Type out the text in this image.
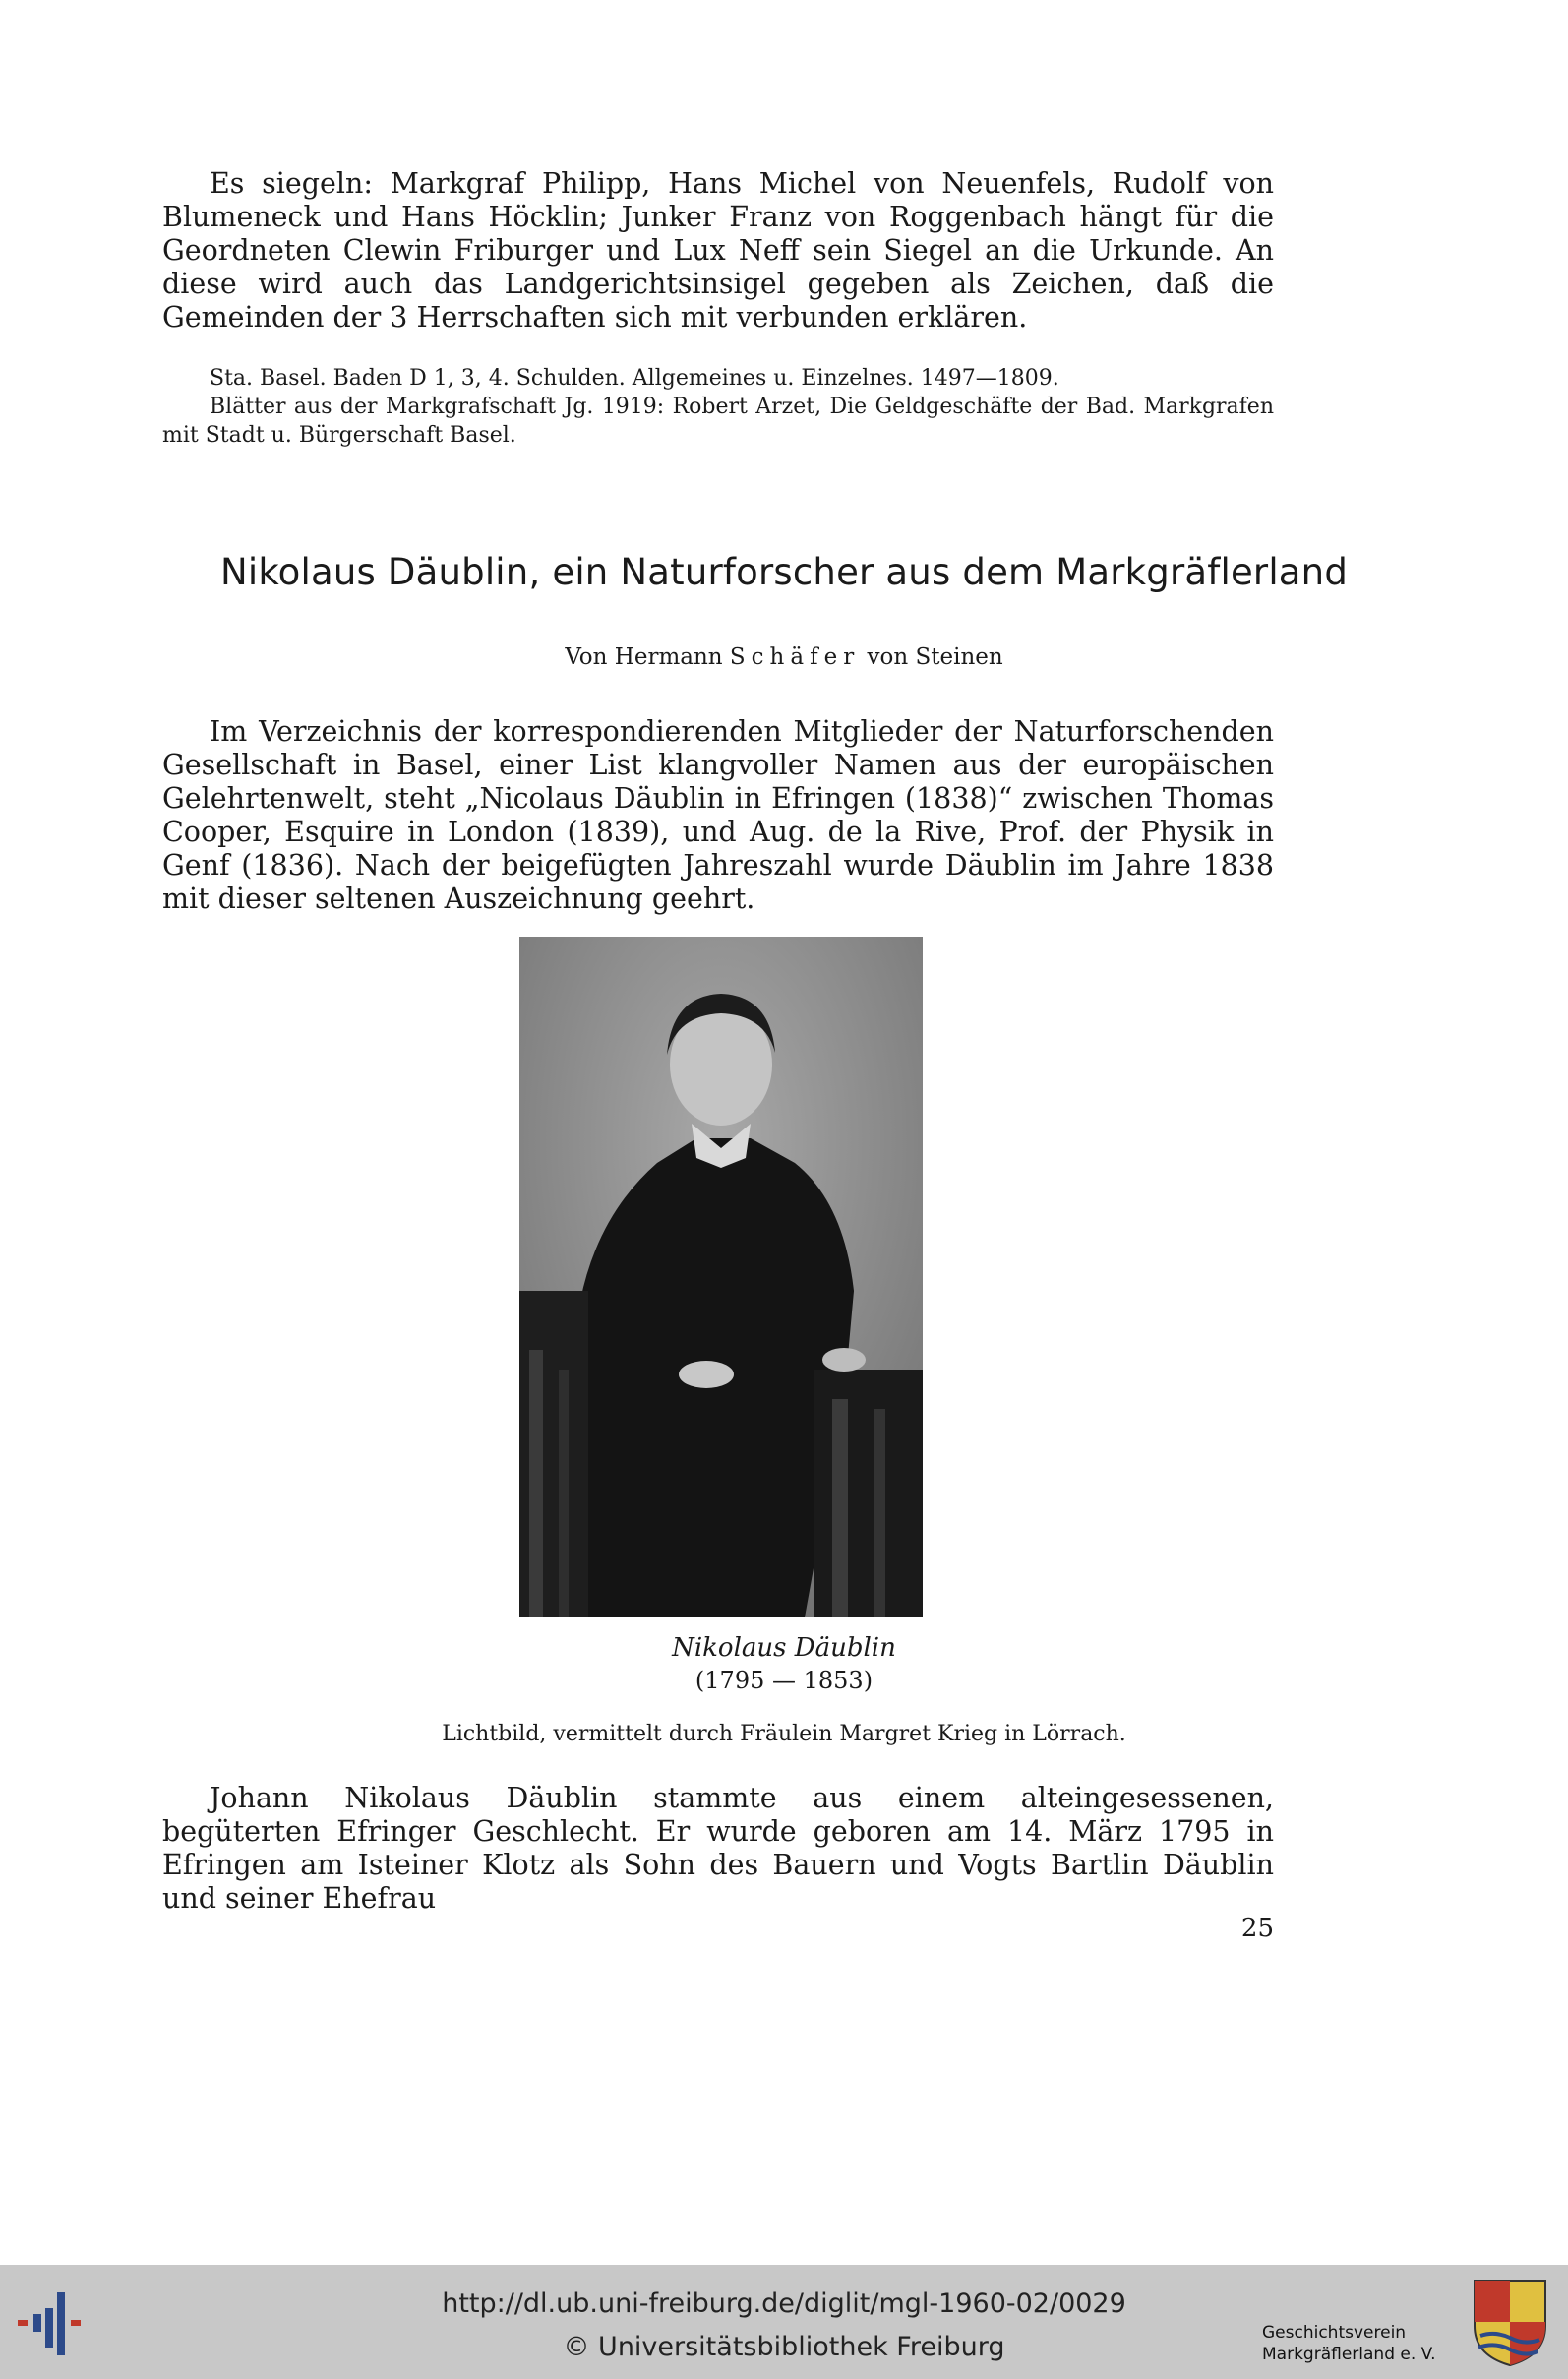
Es siegeln: Markgraf Philipp, Hans Michel von Neuenfels, Rudolf von Blumeneck und Hans Höcklin; Junker Franz von Roggenbach hängt für die Geordneten Clewin Friburger und Lux Neff sein Siegel an die Urkunde. An diese wird auch das Landgerichtsinsigel gegeben als Zeichen, daß die Gemeinden der 3 Herrschaften sich mit verbunden erklären.

Sta. Basel. Baden D 1, 3, 4. Schulden. Allgemeines u. Einzelnes. 1497—1809.
Blätter aus der Markgrafschaft Jg. 1919: Robert Arzet, Die Geldgeschäfte der Bad. Markgrafen mit Stadt u. Bürgerschaft Basel.
Nikolaus Däublin, ein Naturforscher aus dem Markgräflerland

Von Hermann Schäfer von Steinen

Im Verzeichnis der korrespondierenden Mitglieder der Naturforschenden Gesellschaft in Basel, einer List klangvoller Namen aus der europäischen Gelehrtenwelt, steht „Nicolaus Däublin in Efringen (1838)“ zwischen Thomas Cooper, Esquire in London (1839), und Aug. de la Rive, Prof. der Physik in Genf (1836). Nach der beigefügten Jahreszahl wurde Däublin im Jahre 1838 mit dieser seltenen Auszeichnung geehrt.

Nikolaus Däublin

(1795 — 1853)

Lichtbild, vermittelt durch Fräulein Margret Krieg in Lörrach.

Johann Nikolaus Däublin stammte aus einem alteingesessenen, begüterten Efringer Geschlecht. Er wurde geboren am 14. März 1795 in Efringen am Isteiner Klotz als Sohn des Bauern und Vogts Bartlin Däublin und seiner Ehefrau

25

http://dl.ub.uni-freiburg.de/diglit/mgl-1960-02/0029
© Universitätsbibliothek Freiburg	Geschichtsverein
Markgräflerland e. V.
